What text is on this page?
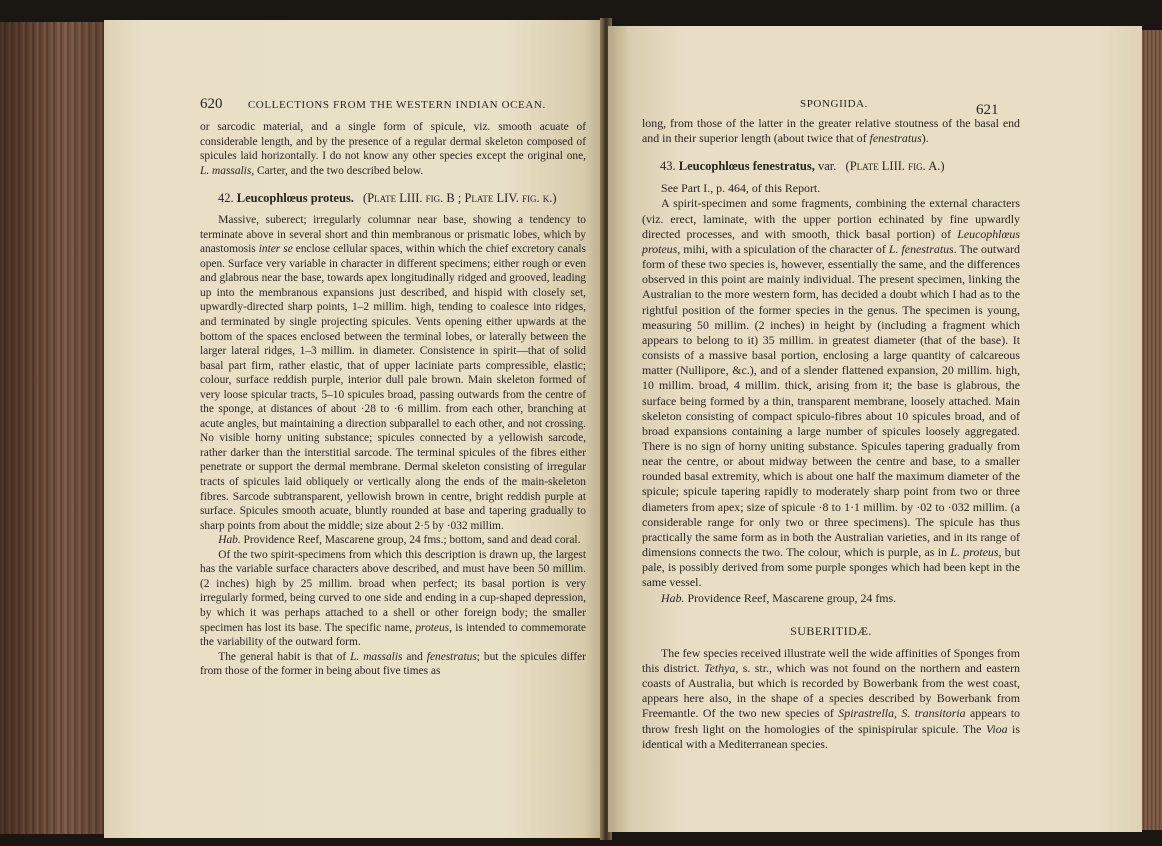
620 COLLECTIONS FROM THE WESTERN INDIAN OCEAN.

or sarcodic material, and a single form of spicule, viz. smooth acuate of considerable length, and by the presence of a regular dermal skeleton composed of spicules laid horizontally. I do not know any other species except the original one, L. massalis, Carter, and the two described below.

42. Leucophlœus proteus. (Plate LIII. fig. B ; Plate LIV. fig. k.)

Massive, suberect; irregularly columnar near base, showing a tendency to terminate above in several short and thin membranous or prismatic lobes, which by anastomosis inter se enclose cellular spaces, within which the chief excretory canals open. Surface very variable in character in different specimens; either rough or even and glabrous near the base, towards apex longitudinally ridged and grooved, leading up into the membranous expansions just described, and hispid with closely set, upwardly-directed sharp points, 1–2 millim. high, tending to coalesce into ridges, and terminated by single projecting spicules. Vents opening either upwards at the bottom of the spaces enclosed between the terminal lobes, or laterally between the larger lateral ridges, 1–3 millim. in diameter. Consistence in spirit—that of solid basal part firm, rather elastic, that of upper laciniate parts compressible, elastic; colour, surface reddish purple, interior dull pale brown. Main skeleton formed of very loose spicular tracts, 5–10 spicules broad, passing outwards from the centre of the sponge, at distances of about ·28 to ·6 millim. from each other, branching at acute angles, but maintaining a direction subparallel to each other, and not crossing. No visible horny uniting substance; spicules connected by a yellowish sarcode, rather darker than the interstitial sarcode. The terminal spicules of the fibres either penetrate or support the dermal membrane. Dermal skeleton consisting of irregular tracts of spicules laid obliquely or vertically along the ends of the main-skeleton fibres. Sarcode subtransparent, yellowish brown in centre, bright reddish purple at surface. Spicules smooth acuate, bluntly rounded at base and tapering gradually to sharp points from about the middle; size about 2·5 by ·032 millim.

Hab. Providence Reef, Mascarene group, 24 fms.; bottom, sand and dead coral.

Of the two spirit-specimens from which this description is drawn up, the largest has the variable surface characters above described, and must have been 50 millim. (2 inches) high by 25 millim. broad when perfect; its basal portion is very irregularly formed, being curved to one side and ending in a cup-shaped depression, by which it was perhaps attached to a shell or other foreign body; the smaller specimen has lost its base. The specific name, proteus, is intended to commemorate the variability of the outward form.

The general habit is that of L. massalis and fenestratus; but the spicules differ from those of the former in being about five times as

SPONGIIDA.	621

long, from those of the latter in the greater relative stoutness of the basal end and in their superior length (about twice that of fenestratus).

43. Leucophlœus fenestratus, var. (Plate LIII. fig. A.)

See Part I., p. 464, of this Report.

A spirit-specimen and some fragments, combining the external characters (viz. erect, laminate, with the upper portion echinated by fine upwardly directed processes, and with smooth, thick basal portion) of Leucophlœus proteus, mihi, with a spiculation of the character of L. fenestratus. The outward form of these two species is, however, essentially the same, and the differences observed in this point are mainly individual. The present specimen, linking the Australian to the more western form, has decided a doubt which I had as to the rightful position of the former species in the genus. The specimen is young, measuring 50 millim. (2 inches) in height by (including a fragment which appears to belong to it) 35 millim. in greatest diameter (that of the base). It consists of a massive basal portion, enclosing a large quantity of calcareous matter (Nullipore, &c.), and of a slender flattened expansion, 20 millim. high, 10 millim. broad, 4 millim. thick, arising from it; the base is glabrous, the surface being formed by a thin, transparent membrane, loosely attached. Main skeleton consisting of compact spiculo-fibres about 10 spicules broad, and of broad expansions containing a large number of spicules loosely aggregated. There is no sign of horny uniting substance. Spicules tapering gradually from near the centre, or about midway between the centre and base, to a smaller rounded basal extremity, which is about one half the maximum diameter of the spicule; spicule tapering rapidly to moderately sharp point from two or three diameters from apex; size of spicule ·8 to 1·1 millim. by ·02 to ·032 millim. (a considerable range for only two or three specimens). The spicule has thus practically the same form as in both the Australian varieties, and in its range of dimensions connects the two. The colour, which is purple, as in L. proteus, but pale, is possibly derived from some purple sponges which had been kept in the same vessel.

Hab. Providence Reef, Mascarene group, 24 fms.

SUBERITIDÆ.

The few species received illustrate well the wide affinities of Sponges from this district. Tethya, s. str., which was not found on the northern and eastern coasts of Australia, but which is recorded by Bowerbank from the west coast, appears here also, in the shape of a species described by Bowerbank from Freemantle. Of the two new species of Spirastrella, S. transitoria appears to throw fresh light on the homologies of the spinispirular spicule. The Vioa is identical with a Mediterranean species.
